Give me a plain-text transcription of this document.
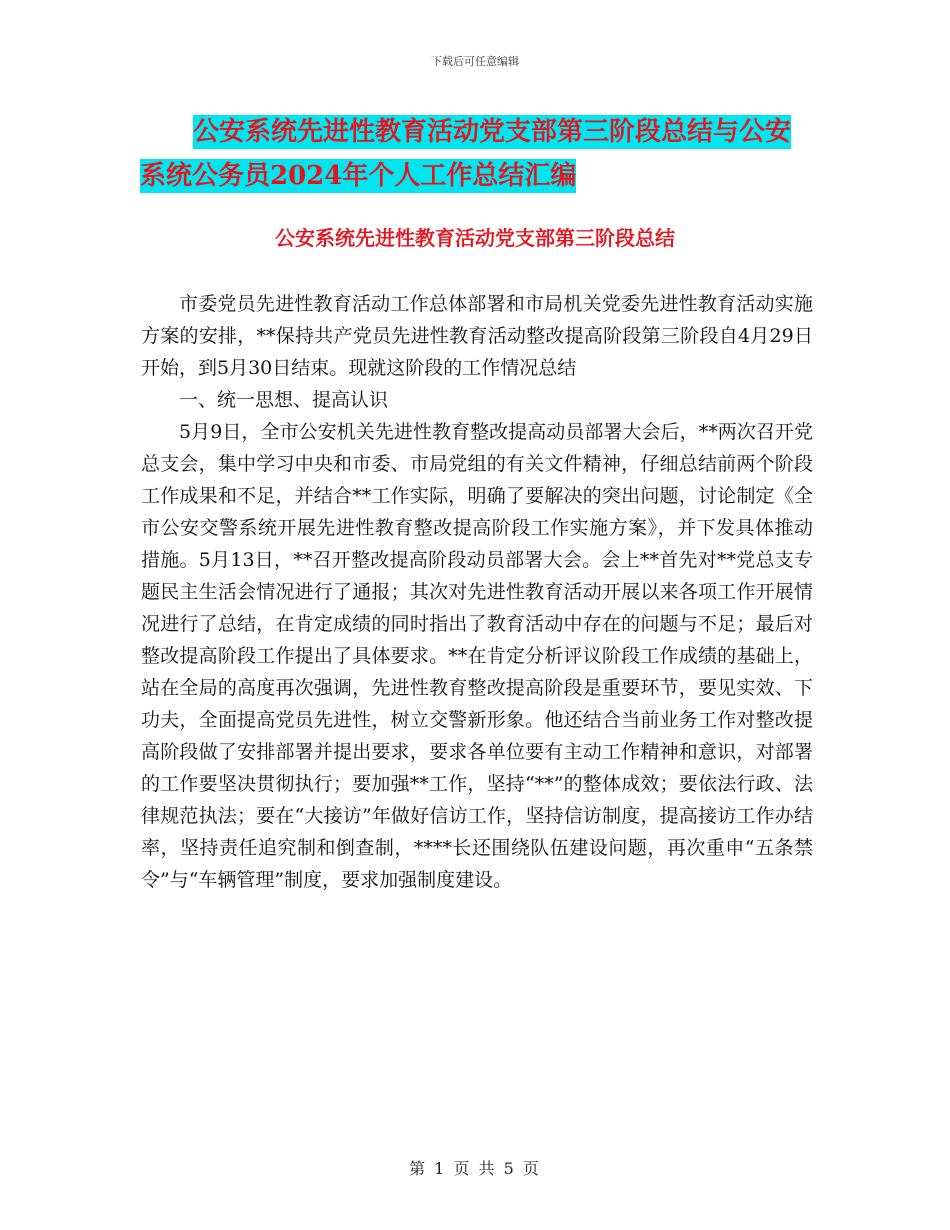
下载后可任意编辑
公安系统先进性教育活动党支部第三阶段总结与公安
系统公务员2024年个人工作总结汇编
公安系统先进性教育活动党支部第三阶段总结

市委党员先进性教育活动工作总体部署和市局机关党委先进性教育活动实施方案的安排，**保持共产党员先进性教育活动整改提高阶段第三阶段自4月29日开始，到5月30日结束。现就这阶段的工作情况总结

一、统一思想、提高认识

5月9日，全市公安机关先进性教育整改提高动员部署大会后，**两次召开党总支会，集中学习中央和市委、市局党组的有关文件精神，仔细总结前两个阶段工作成果和不足，并结合**工作实际，明确了要解决的突出问题，讨论制定《全市公安交警系统开展先进性教育整改提高阶段工作实施方案》，并下发具体推动措施。5月13日，**召开整改提高阶段动员部署大会。会上**首先对**党总支专题民主生活会情况进行了通报；其次对先进性教育活动开展以来各项工作开展情况进行了总结，在肯定成绩的同时指出了教育活动中存在的问题与不足；最后对整改提高阶段工作提出了具体要求。**在肯定分析评议阶段工作成绩的基础上，站在全局的高度再次强调，先进性教育整改提高阶段是重要环节，要见实效、下功夫，全面提高党员先进性，树立交警新形象。他还结合当前业务工作对整改提高阶段做了安排部署并提出要求，要求各单位要有主动工作精神和意识，对部署的工作要坚决贯彻执行；要加强**工作，坚持“**”的整体成效；要依法行政、法律规范执法；要在“大接访”年做好信访工作，坚持信访制度，提高接访工作办结率，坚持责任追究制和倒查制，****长还围绕队伍建设问题，再次重申“五条禁令”与“车辆管理”制度，要求加强制度建设。

第 1 页 共 5 页
